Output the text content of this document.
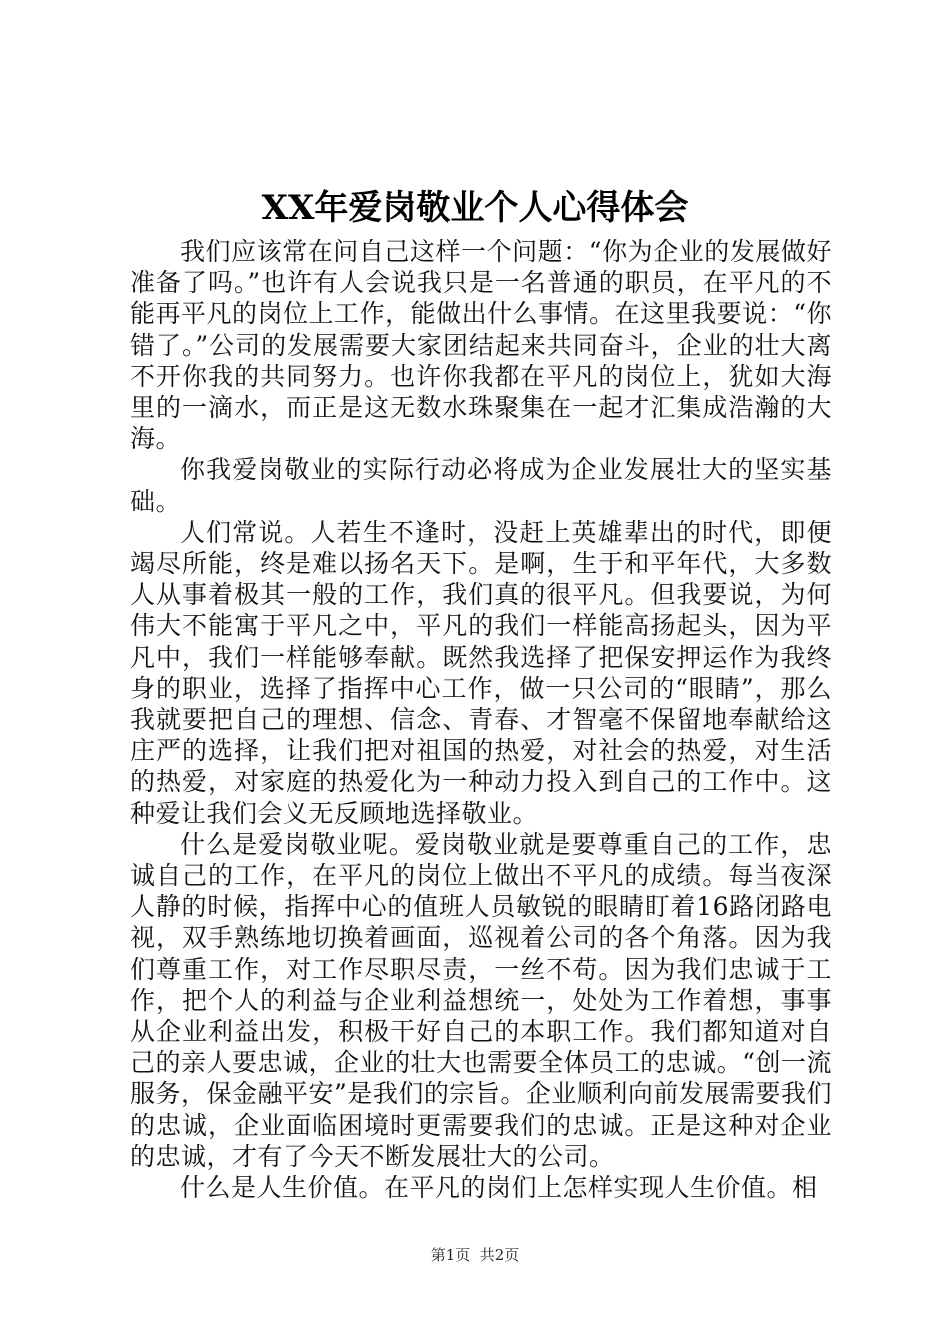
XX年爱岗敬业个人心得体会

我们应该常在问自己这样一个问题：“你为企业的发展做好准备了吗。”也许有人会说我只是一名普通的职员，在平凡的不能再平凡的岗位上工作，能做出什么事情。在这里我要说：“你错了。”公司的发展需要大家团结起来共同奋斗，企业的壮大离不开你我的共同努力。也许你我都在平凡的岗位上，犹如大海里的一滴水，而正是这无数水珠聚集在一起才汇集成浩瀚的大海。

你我爱岗敬业的实际行动必将成为企业发展壮大的坚实基础。

人们常说。人若生不逢时，没赶上英雄辈出的时代，即便竭尽所能，终是难以扬名天下。是啊，生于和平年代，大多数人从事着极其一般的工作，我们真的很平凡。但我要说，为何伟大不能寓于平凡之中，平凡的我们一样能高扬起头，因为平凡中，我们一样能够奉献。既然我选择了把保安押运作为我终身的职业，选择了指挥中心工作，做一只公司的“眼睛”，那么我就要把自己的理想、信念、青春、才智毫不保留地奉献给这庄严的选择，让我们把对祖国的热爱，对社会的热爱，对生活的热爱，对家庭的热爱化为一种动力投入到自己的工作中。这种爱让我们会义无反顾地选择敬业。

什么是爱岗敬业呢。爱岗敬业就是要尊重自己的工作，忠诚自己的工作，在平凡的岗位上做出不平凡的成绩。每当夜深人静的时候，指挥中心的值班人员敏锐的眼睛盯着16路闭路电视，双手熟练地切换着画面，巡视着公司的各个角落。因为我们尊重工作，对工作尽职尽责，一丝不苟。因为我们忠诚于工作，把个人的利益与企业利益想统一，处处为工作着想，事事从企业利益出发，积极干好自己的本职工作。我们都知道对自己的亲人要忠诚，企业的壮大也需要全体员工的忠诚。“创一流服务，保金融平安”是我们的宗旨。企业顺利向前发展需要我们的忠诚，企业面临困境时更需要我们的忠诚。正是这种对企业的忠诚，才有了今天不断发展壮大的公司。

什么是人生价值。在平凡的岗们上怎样实现人生价值。相

第1页  共2页
